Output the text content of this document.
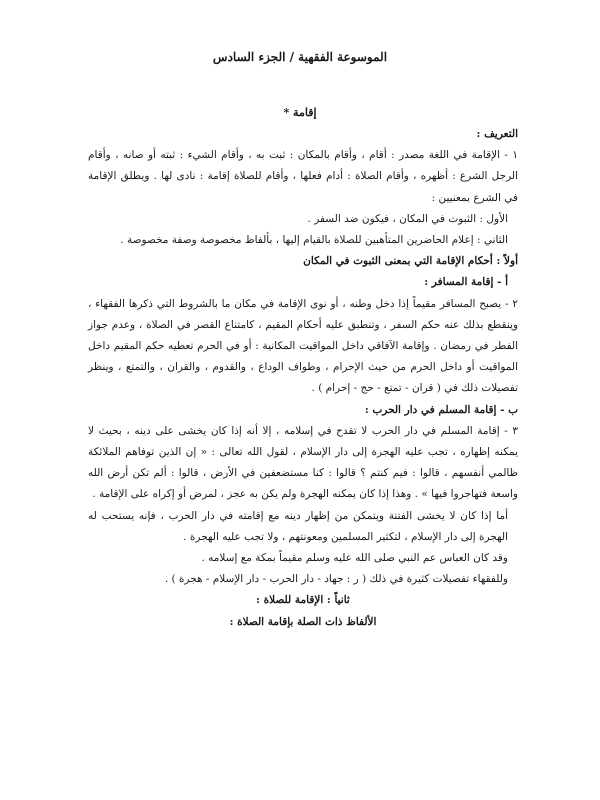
الموسوعة الفقهية / الجزء السادس
إقامة *

التعريف :

١ - الإقامة في اللغة مصدر : أقام ، وأقام بالمكان : ثبت به ، وأقام الشيء : ثبته أو صانه ، وأقام الرجل الشرع : أظهره ، وأقام الصلاة : أدام فعلها ، وأقام للصلاة إقامة : نادى لها . ويطلق الإقامة في الشرع بمعنيين :

الأول : الثبوت في المكان ، فيكون ضد السفر .

الثاني : إعلام الحاضرين المتأهبين للصلاة بالقيام إليها ، بألفاظ مخصوصة وصفة مخصوصة .

أولاً : أحكام الإقامة التي بمعنى الثبوت في المكان

أ - إقامة المسافر :

٢ - يصبح المسافر مقيماً إذا دخل وطنه ، أو نوى الإقامة في مكان ما بالشروط التي ذكرها الفقهاء ، وينقطع بذلك عنه حكم السفر ، وتنطبق عليه أحكام المقيم ، كامتناع القصر في الصلاة ، وعدم جواز الفطر في رمضان . وإقامة الآفاقي داخل المواقيت المكانية : أو في الحرم تعطيه حكم المقيم داخل المواقيت أو داخل الحرم من حيث الإحرام ، وطواف الوداع ، والقدوم ، والقران ، والتمتع ، وينظر تفصيلات ذلك في ( قران - تمتع - حج - إحرام ) .

ب - إقامة المسلم في دار الحرب :

٣ - إقامة المسلم في دار الحرب لا تقدح في إسلامه ، إلا أنه إذا كان يخشى على دينه ، بحيث لا يمكنه إظهاره ، تجب عليه الهجرة إلى دار الإسلام ، لقول الله تعالى : « إن الذين توفاهم الملائكة ظالمي أنفسهم ، قالوا : فيم كنتم ؟ قالوا : كنا مستضعفين في الأرض ، قالوا : ألم تكن أرض الله واسعة فتهاجروا فيها » . وهذا إذا كان يمكنه الهجرة ولم يكن به عجز ، لمرض أو إكراه على الإقامة .

أما إذا كان لا يخشى الفتنة ويتمكن من إظهار دينه مع إقامته في دار الحرب ، فإنه يستحب له الهجرة إلى دار الإسلام ، لتكثير المسلمين ومعونتهم ، ولا تجب عليه الهجرة .

وقد كان العباس عم النبي صلى الله عليه وسلم مقيماً بمكة مع إسلامه .

وللفقهاء تفصيلات كثيرة في ذلك ( ر : جهاد - دار الحرب - دار الإسلام - هجرة ) .

ثانياً : الإقامة للصلاة :

الألفاظ ذات الصلة بإقامة الصلاة :
